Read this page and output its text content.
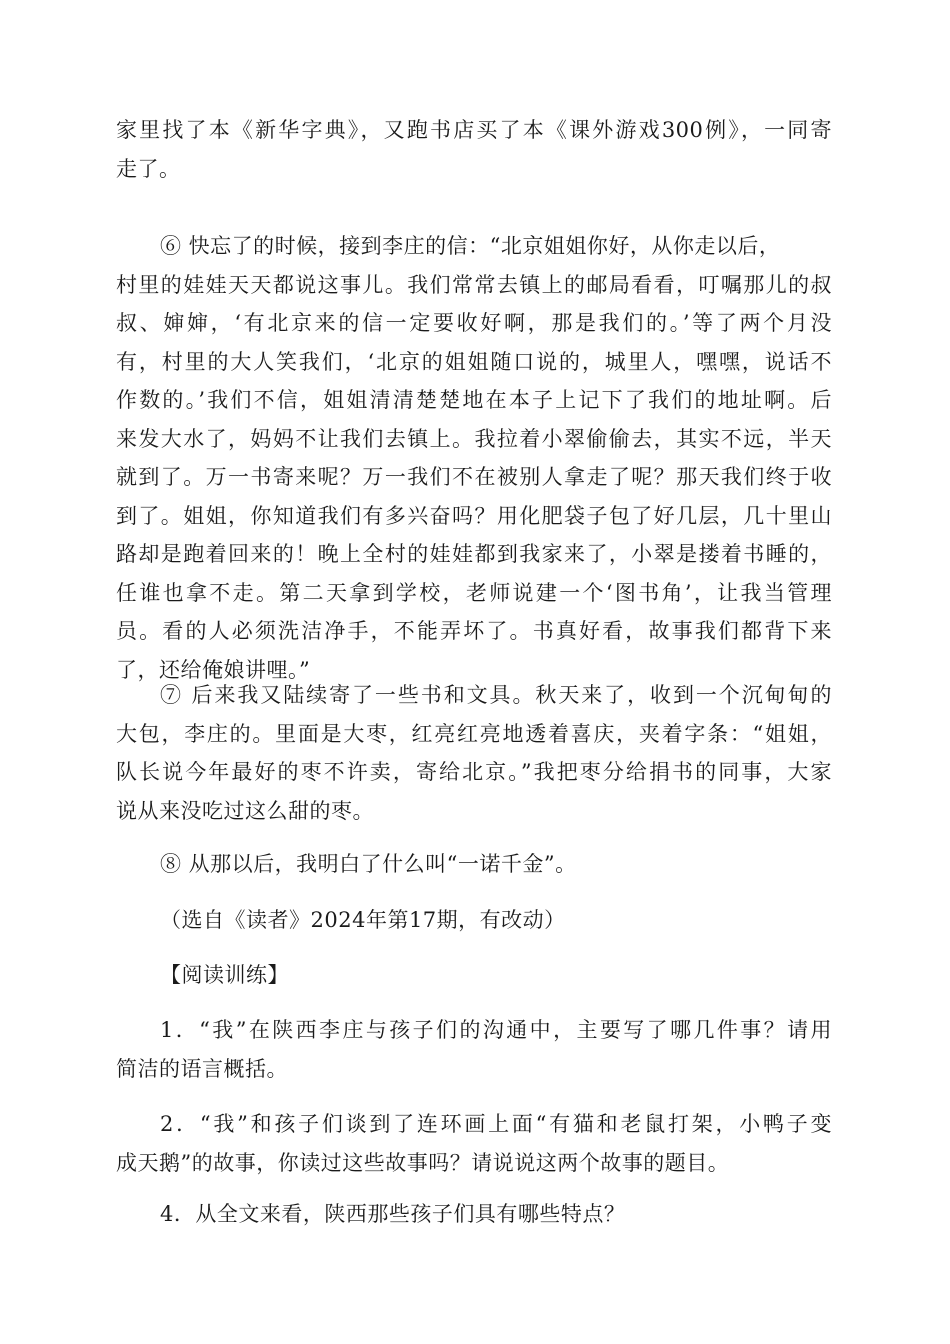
家里找了本《新华字典》，又跑书店买了本《课外游戏300例》，一同寄
走了。
⑥ 快忘了的时候，接到李庄的信：“北京姐姐你好，从你走以后，
村里的娃娃天天都说这事儿。我们常常去镇上的邮局看看，叮嘱那儿的叔
叔、婶婶，‘有北京来的信一定要收好啊，那是我们的。’等了两个月没
有，村里的大人笑我们，‘北京的姐姐随口说的，城里人，嘿嘿，说话不
作数的。’我们不信，姐姐清清楚楚地在本子上记下了我们的地址啊。后
来发大水了，妈妈不让我们去镇上。我拉着小翠偷偷去，其实不远，半天
就到了。万一书寄来呢？万一我们不在被别人拿走了呢？那天我们终于收
到了。姐姐，你知道我们有多兴奋吗？用化肥袋子包了好几层，几十里山
路却是跑着回来的！晚上全村的娃娃都到我家来了，小翠是搂着书睡的，
任谁也拿不走。第二天拿到学校，老师说建一个‘图书角’，让我当管理
员。看的人必须洗洁净手，不能弄坏了。书真好看，故事我们都背下来
了，还给俺娘讲哩。”
⑦ 后来我又陆续寄了一些书和文具。秋天来了，收到一个沉甸甸的
大包，李庄的。里面是大枣，红亮红亮地透着喜庆，夹着字条：“姐姐，
队长说今年最好的枣不许卖，寄给北京。”我把枣分给捐书的同事，大家
说从来没吃过这么甜的枣。
⑧ 从那以后，我明白了什么叫“一诺千金”。
（选自《读者》2024年第17期，有改动）
【阅读训练】
1．“我”在陕西李庄与孩子们的沟通中，主要写了哪几件事？请用
简洁的语言概括。
2．“我”和孩子们谈到了连环画上面“有猫和老鼠打架，小鸭子变
成天鹅”的故事，你读过这些故事吗？请说说这两个故事的题目。
4．从全文来看，陕西那些孩子们具有哪些特点？
